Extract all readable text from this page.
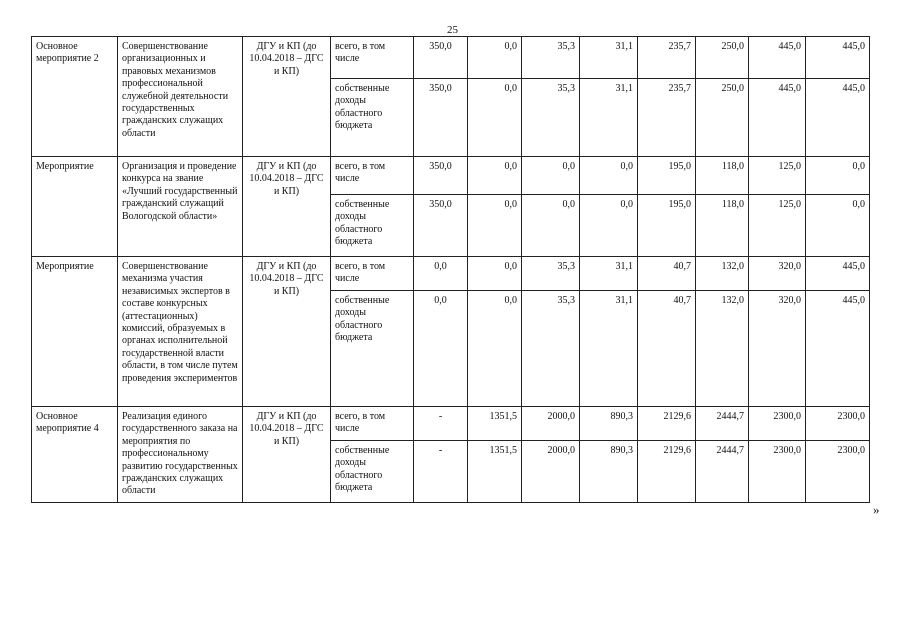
25
Основное мероприятие 2	Совершенствование организационных и правовых механизмов профессиональной служебной деятельности государственных гражданских служащих области	ДГУ и КП (до 10.04.2018 – ДГС и КП)	всего, в том числе	350,0	0,0	35,3	31,1	235,7	250,0	445,0	445,0
			собственные доходы областного бюджета	350,0	0,0	35,3	31,1	235,7	250,0	445,0	445,0
Мероприятие	Организация и проведение конкурса на звание «Лучший государственный гражданский служащий Вологодской области»	ДГУ и КП (до 10.04.2018 – ДГС и КП)	всего, в том числе	350,0	0,0	0,0	0,0	195,0	118,0	125,0	0,0
			собственные доходы областного бюджета	350,0	0,0	0,0	0,0	195,0	118,0	125,0	0,0
Мероприятие	Совершенствование механизма участия независимых экспертов в составе конкурсных (аттестационных) комиссий, образуемых в органах исполнительной государственной власти области, в том числе путем проведения экспериментов	ДГУ и КП (до 10.04.2018 – ДГС и КП)	всего, в том числе	0,0	0,0	35,3	31,1	40,7	132,0	320,0	445,0
			собственные доходы областного бюджета	0,0	0,0	35,3	31,1	40,7	132,0	320,0	445,0
Основное мероприятие 4	Реализация единого государственного заказа на мероприятия по профессиональному развитию государственных гражданских служащих области	ДГУ и КП (до 10.04.2018 – ДГС и КП)	всего, в том числе	-	1351,5	2000,0	890,3	2129,6	2444,7	2300,0	2300,0
			собственные доходы областного бюджета	-	1351,5	2000,0	890,3	2129,6	2444,7	2300,0	2300,0
»
